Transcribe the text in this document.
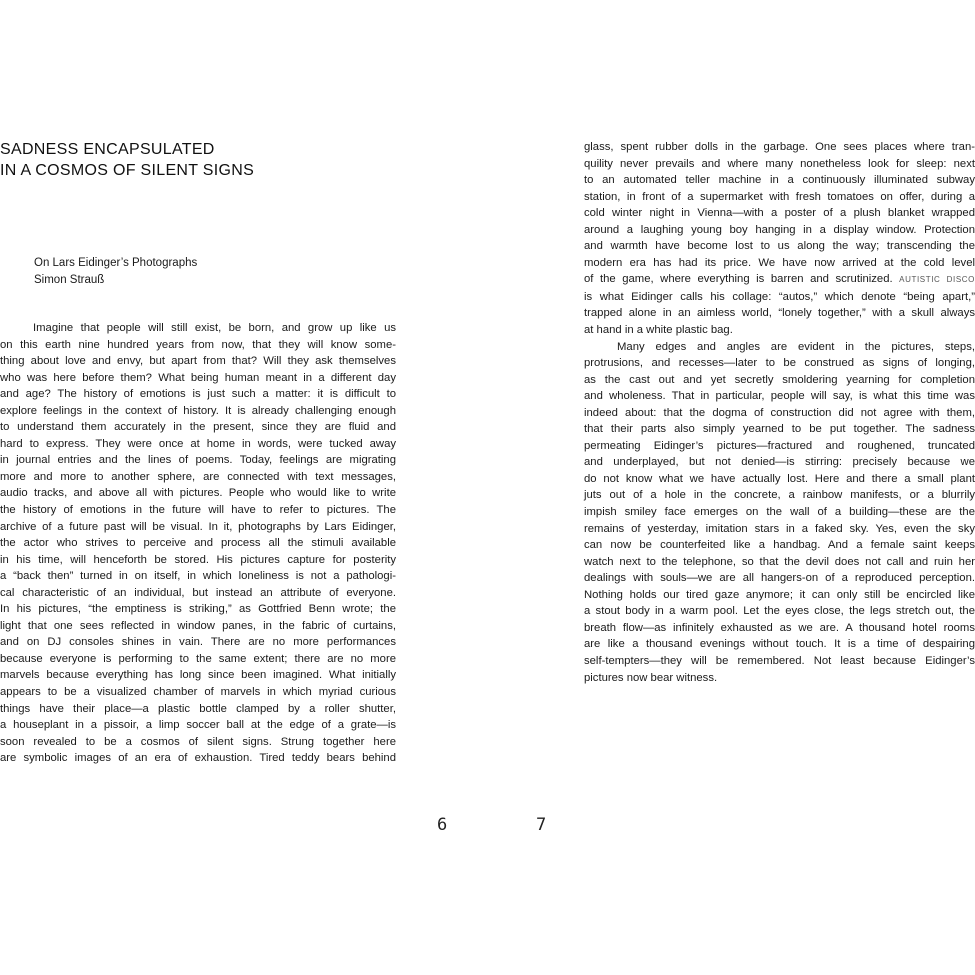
SADNESS ENCAPSULATED
IN A COSMOS OF SILENT SIGNS
On Lars Eidinger’s Photographs
Simon Strauß
Imagine that people will still exist, be born, and grow up like us
on this earth nine hundred years from now, that they will know some-
thing about love and envy, but apart from that? Will they ask themselves
who was here before them? What being human meant in a different day
and age? The history of emotions is just such a matter: it is difficult to
explore feelings in the context of history. It is already challenging enough
to understand them accurately in the present, since they are fluid and
hard to express. They were once at home in words, were tucked away
in journal entries and the lines of poems. Today, feelings are migrating
more and more to another sphere, are connected with text messages,
audio tracks, and above all with pictures. People who would like to write
the history of emotions in the future will have to refer to pictures. The
archive of a future past will be visual. In it, photographs by Lars Eidinger,
the actor who strives to perceive and process all the stimuli available
in his time, will henceforth be stored. His pictures capture for posterity
a “back then” turned in on itself, in which loneliness is not a pathologi-
cal characteristic of an individual, but instead an attribute of everyone.
In his pictures, “the emptiness is striking,” as Gottfried Benn wrote; the
light that one sees reflected in window panes, in the fabric of curtains,
and on DJ consoles shines in vain. There are no more performances
because everyone is performing to the same extent; there are no more
marvels because everything has long since been imagined. What initially
appears to be a visualized chamber of marvels in which myriad curious
things have their place—a plastic bottle clamped by a roller shutter,
a houseplant in a pissoir, a limp soccer ball at the edge of a grate—is
soon revealed to be a cosmos of silent signs. Strung together here
are symbolic images of an era of exhaustion. Tired teddy bears behind
glass, spent rubber dolls in the garbage. One sees places where tran-
quility never prevails and where many nonetheless look for sleep: next
to an automated teller machine in a continuously illuminated subway
station, in front of a supermarket with fresh tomatoes on offer, during a
cold winter night in Vienna—with a poster of a plush blanket wrapped
around a laughing young boy hanging in a display window. Protection
and warmth have become lost to us along the way; transcending the
modern era has had its price. We have now arrived at the cold level
of the game, where everything is barren and scrutinized. AUTISTIC DISCO
is what Eidinger calls his collage: “autos,” which denote “being apart,”
trapped alone in an aimless world, “lonely together,” with a skull always
at hand in a white plastic bag.
Many edges and angles are evident in the pictures, steps,
protrusions, and recesses—later to be construed as signs of longing,
as the cast out and yet secretly smoldering yearning for completion
and wholeness. That in particular, people will say, is what this time was
indeed about: that the dogma of construction did not agree with them,
that their parts also simply yearned to be put together. The sadness
permeating Eidinger’s pictures—fractured and roughened, truncated
and underplayed, but not denied—is stirring: precisely because we
do not know what we have actually lost. Here and there a small plant
juts out of a hole in the concrete, a rainbow manifests, or a blurrily
impish smiley face emerges on the wall of a building—these are the
remains of yesterday, imitation stars in a faked sky. Yes, even the sky
can now be counterfeited like a handbag. And a female saint keeps
watch next to the telephone, so that the devil does not call and ruin her
dealings with souls—we are all hangers-on of a reproduced perception.
Nothing holds our tired gaze anymore; it can only still be encircled like
a stout body in a warm pool. Let the eyes close, the legs stretch out, the
breath flow—as infinitely exhausted as we are. A thousand hotel rooms
are like a thousand evenings without touch. It is a time of despairing
self-tempters—they will be remembered. Not least because Eidinger’s
pictures now bear witness.
6	7
